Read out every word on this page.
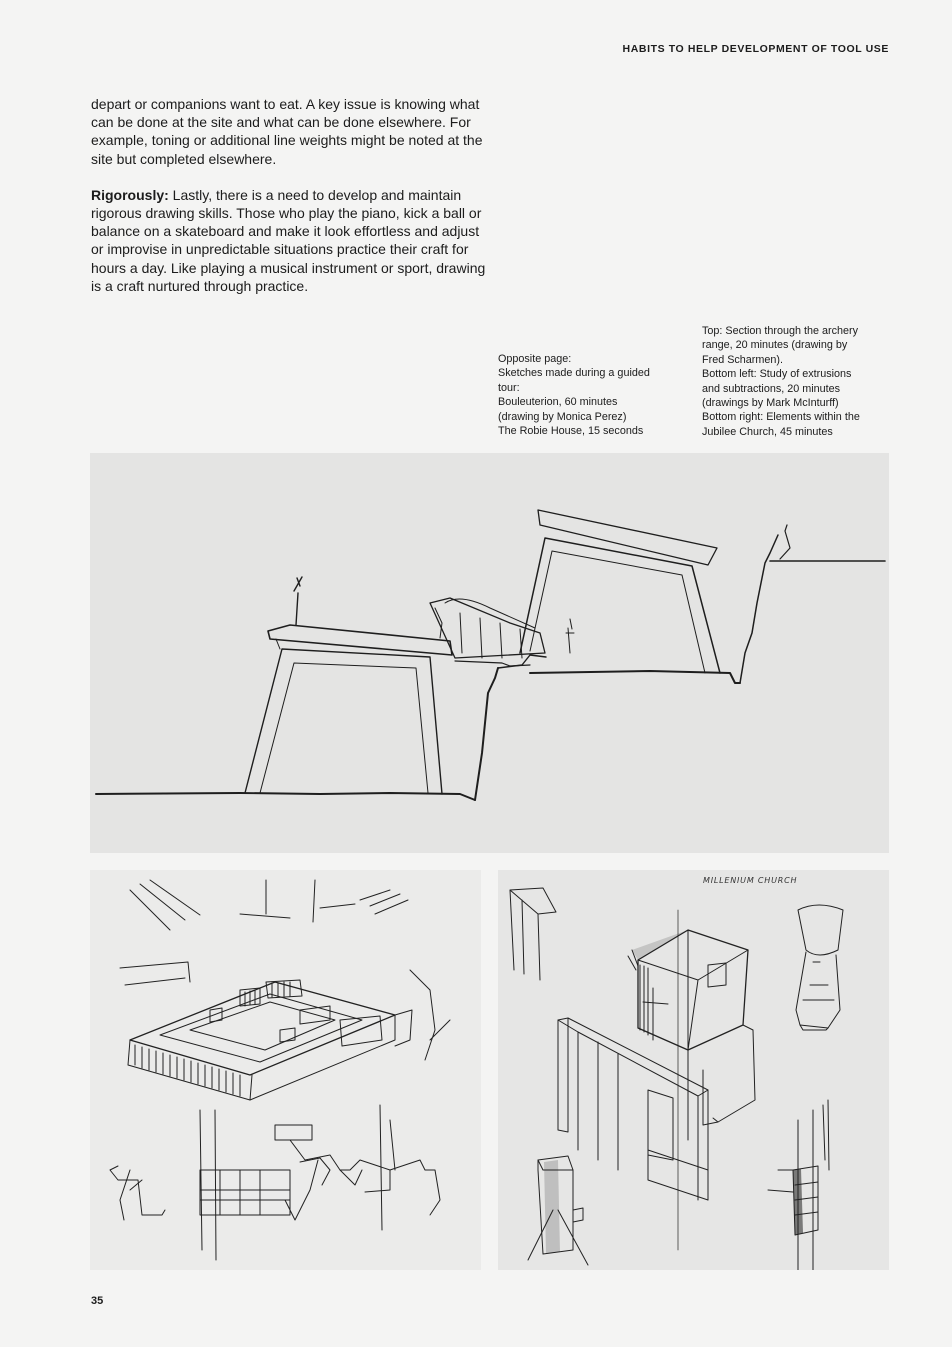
HABITS TO HELP DEVELOPMENT OF TOOL USE

depart or companions want to eat. A key issue is knowing what can be done at the site and what can be done elsewhere. For example, toning or additional line weights might be noted at the site but completed elsewhere.

Rigorously: Lastly, there is a need to develop and maintain rigorous drawing skills. Those who play the piano, kick a ball or balance on a skateboard and make it look effortless and adjust or improvise in unpredictable situations practice their craft for hours a day. Like playing a musical instrument or sport, drawing is a craft nurtured through practice.

Opposite page:
Sketches made during a guided
tour:
Bouleuterion, 60 minutes
(drawing by Monica Perez)
The Robie House, 15 seconds
Top: Section through the archery
range, 20 minutes (drawing by
Fred Scharmen).
Bottom left: Study of extrusions
and subtractions, 20 minutes
(drawings by Mark McInturff)
Bottom right: Elements within the
Jubilee Church, 45 minutes
MILLENIUM CHURCH
35
